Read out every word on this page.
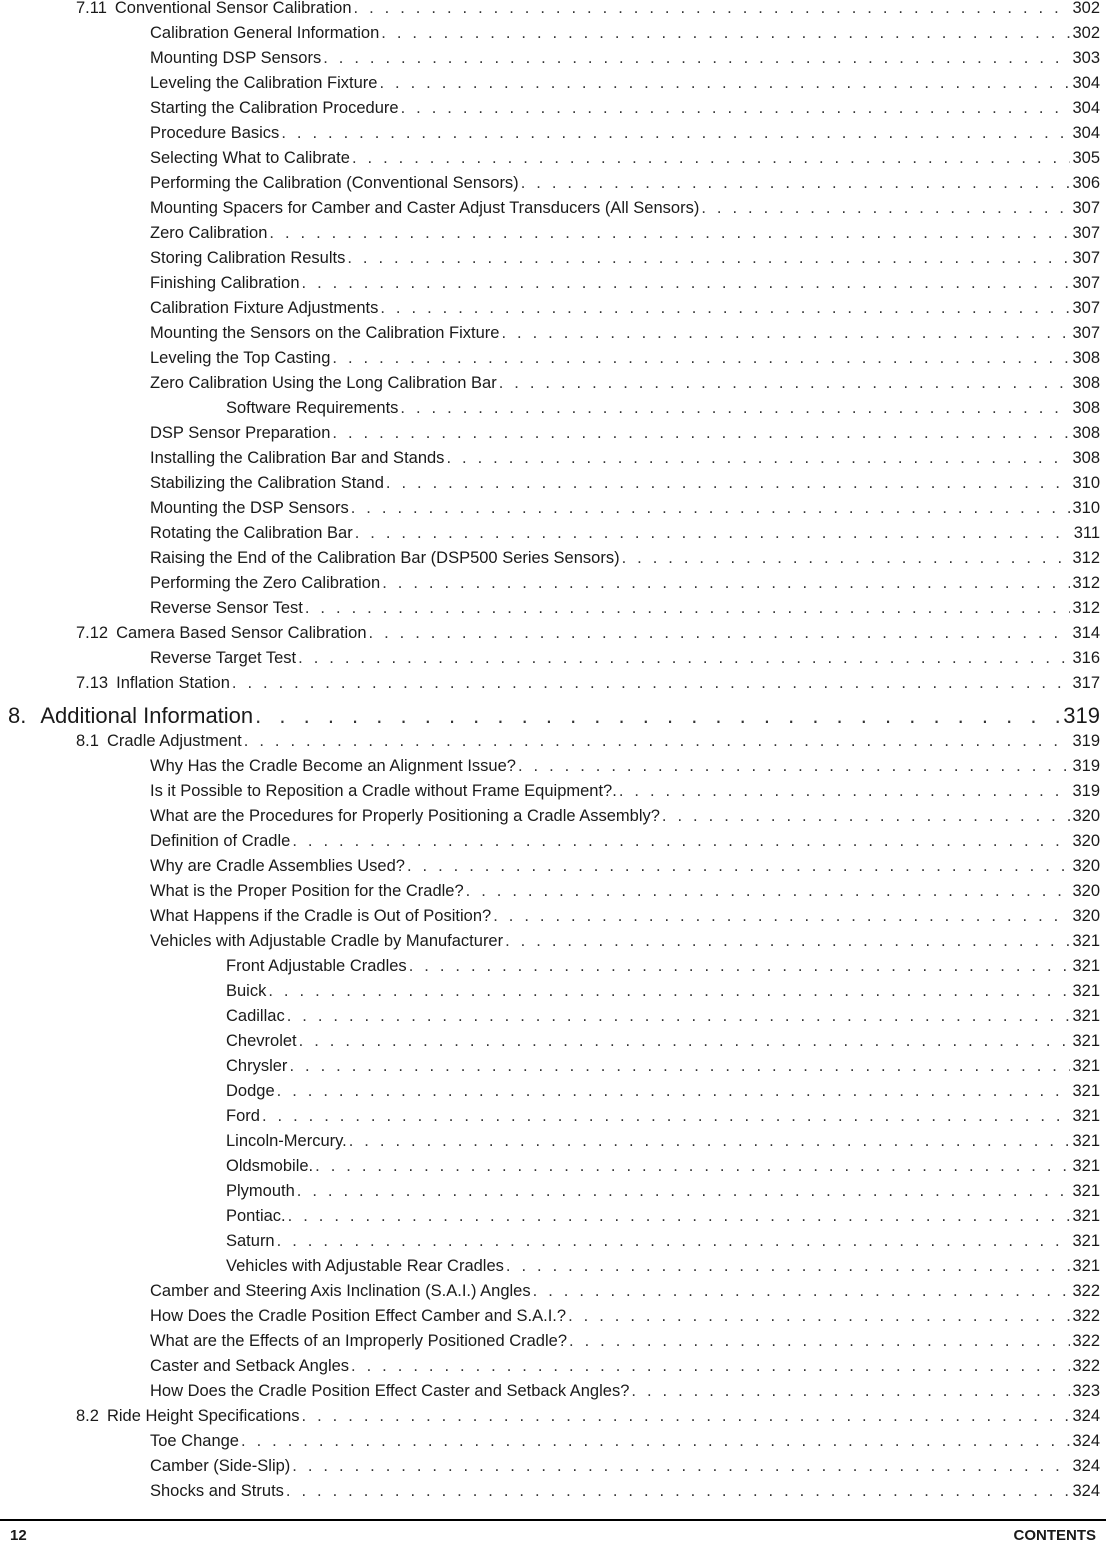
7.11 Conventional Sensor Calibration . . .	302
Calibration General Information . . .	302
Mounting DSP Sensors . . .	303
Leveling the Calibration Fixture . . .	304
Starting the Calibration Procedure . . .	304
Procedure Basics . . .	304
Selecting What to Calibrate . . .	305
Performing the Calibration (Conventional Sensors) . . .	306
Mounting Spacers for Camber and Caster Adjust Transducers (All Sensors) . . .	307
Zero Calibration . . .	307
Storing Calibration Results . . .	307
Finishing Calibration . . .	307
Calibration Fixture Adjustments . . .	307
Mounting the Sensors on the Calibration Fixture . . .	307
Leveling the Top Casting . . .	308
Zero Calibration Using the Long Calibration Bar . . .	308
Software Requirements . . .	308
DSP Sensor Preparation . . .	308
Installing the Calibration Bar and Stands . . .	308
Stabilizing the Calibration Stand . . .	310
Mounting the DSP Sensors . . .	310
Rotating the Calibration Bar . . .	311
Raising the End of the Calibration Bar (DSP500 Series Sensors) . . .	312
Performing the Zero Calibration . . .	312
Reverse Sensor Test . . .	312
7.12 Camera Based Sensor Calibration . . .	314
Reverse Target Test . . .	316
7.13 Inflation Station . . .	317
8. Additional Information . . .	319
8.1 Cradle Adjustment . . .	319
Why Has the Cradle Become an Alignment Issue? . . .	319
Is it Possible to Reposition a Cradle without Frame Equipment?. . . .	319
What are the Procedures for Properly Positioning a Cradle Assembly? . . .	320
Definition of Cradle . . .	320
Why are Cradle Assemblies Used? . . .	320
What is the Proper Position for the Cradle? . . .	320
What Happens if the Cradle is Out of Position? . . .	320
Vehicles with Adjustable Cradle by Manufacturer . . .	321
Front Adjustable Cradles . . .	321
Buick . . .	321
Cadillac . . .	321
Chevrolet . . .	321
Chrysler . . .	321
Dodge . . .	321
Ford . . .	321
Lincoln-Mercury. . . .	321
Oldsmobile. . . .	321
Plymouth . . .	321
Pontiac. . . .	321
Saturn . . .	321
Vehicles with Adjustable Rear Cradles . . .	321
Camber and Steering Axis Inclination (S.A.I.) Angles . . .	322
How Does the Cradle Position Effect Camber and S.A.I.? . . .	322
What are the Effects of an Improperly Positioned Cradle? . . .	322
Caster and Setback Angles . . .	322
How Does the Cradle Position Effect Caster and Setback Angles? . . .	323
8.2 Ride Height Specifications . . .	324
Toe Change . . .	324
Camber (Side-Slip) . . .	324
Shocks and Struts . . .	324
12	CONTENTS
